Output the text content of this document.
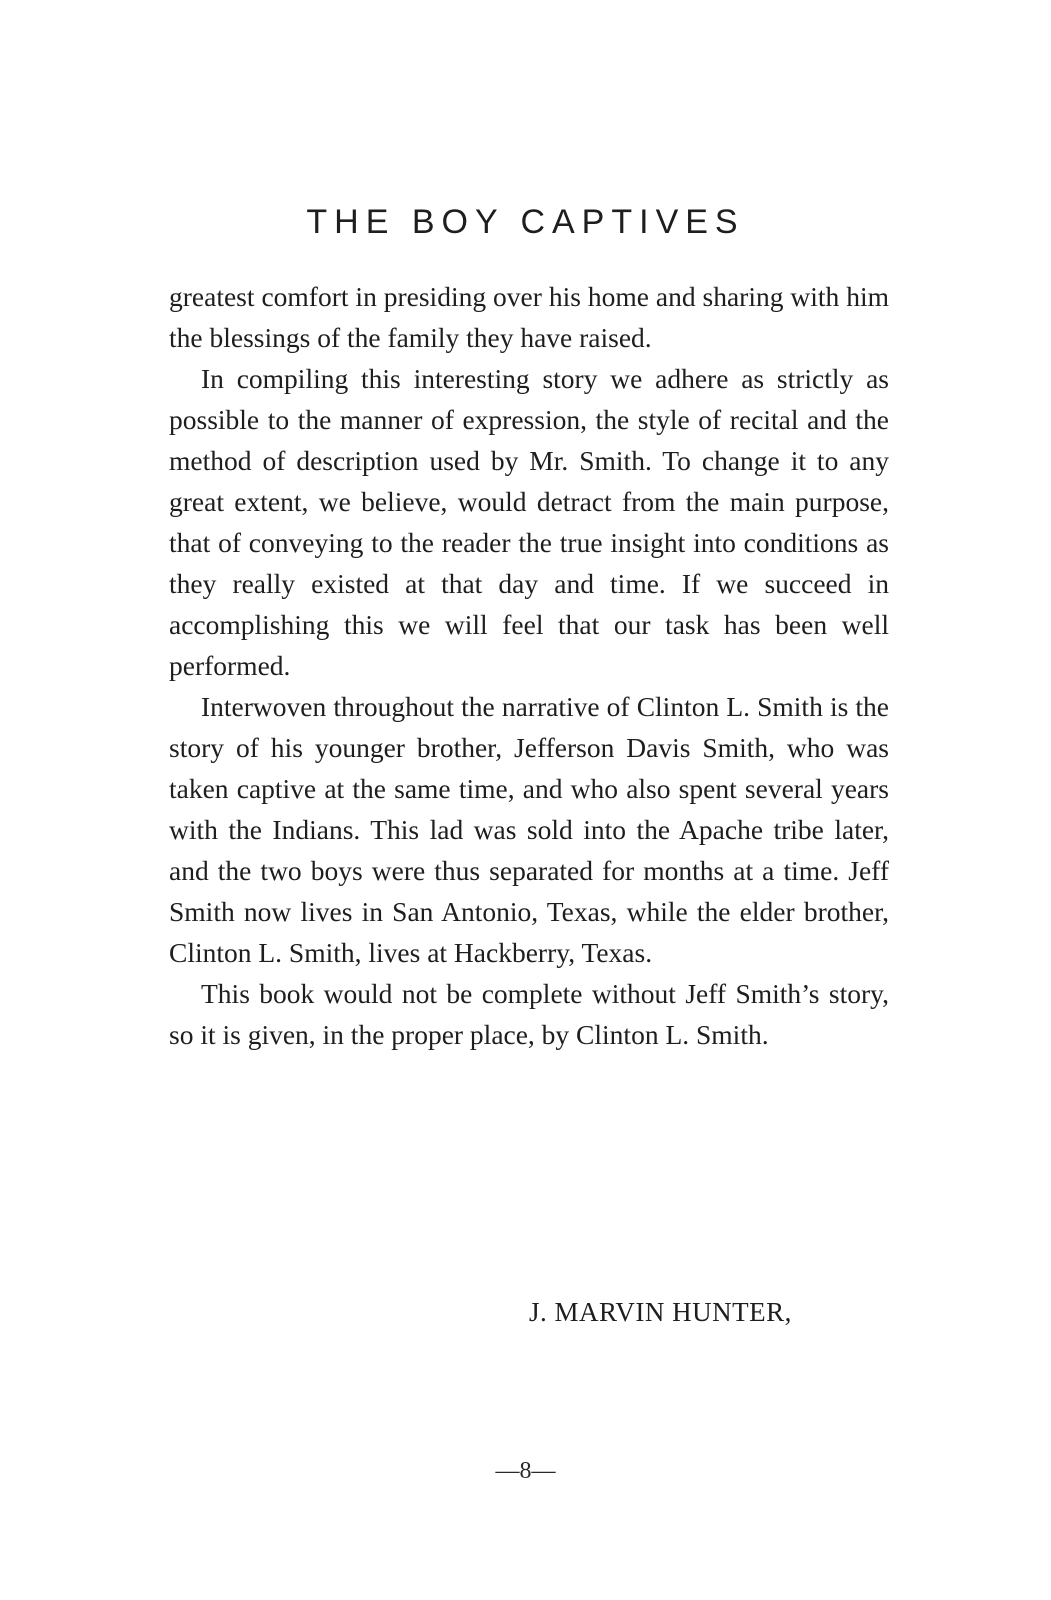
THE BOY CAPTIVES

greatest comfort in presiding over his home and sharing with him the blessings of the family they have raised.

In compiling this interesting story we adhere as strictly as possible to the manner of expression, the style of recital and the method of description used by Mr. Smith. To change it to any great extent, we believe, would detract from the main purpose, that of conveying to the reader the true insight into conditions as they really existed at that day and time. If we succeed in accomplishing this we will feel that our task has been well performed.

Interwoven throughout the narrative of Clinton L. Smith is the story of his younger brother, Jefferson Davis Smith, who was taken captive at the same time, and who also spent several years with the Indians. This lad was sold into the Apache tribe later, and the two boys were thus separated for months at a time. Jeff Smith now lives in San Antonio, Texas, while the elder brother, Clinton L. Smith, lives at Hackberry, Texas.

This book would not be complete without Jeff Smith’s story, so it is given, in the proper place, by Clinton L. Smith.

J. MARVIN HUNTER,
—8—
